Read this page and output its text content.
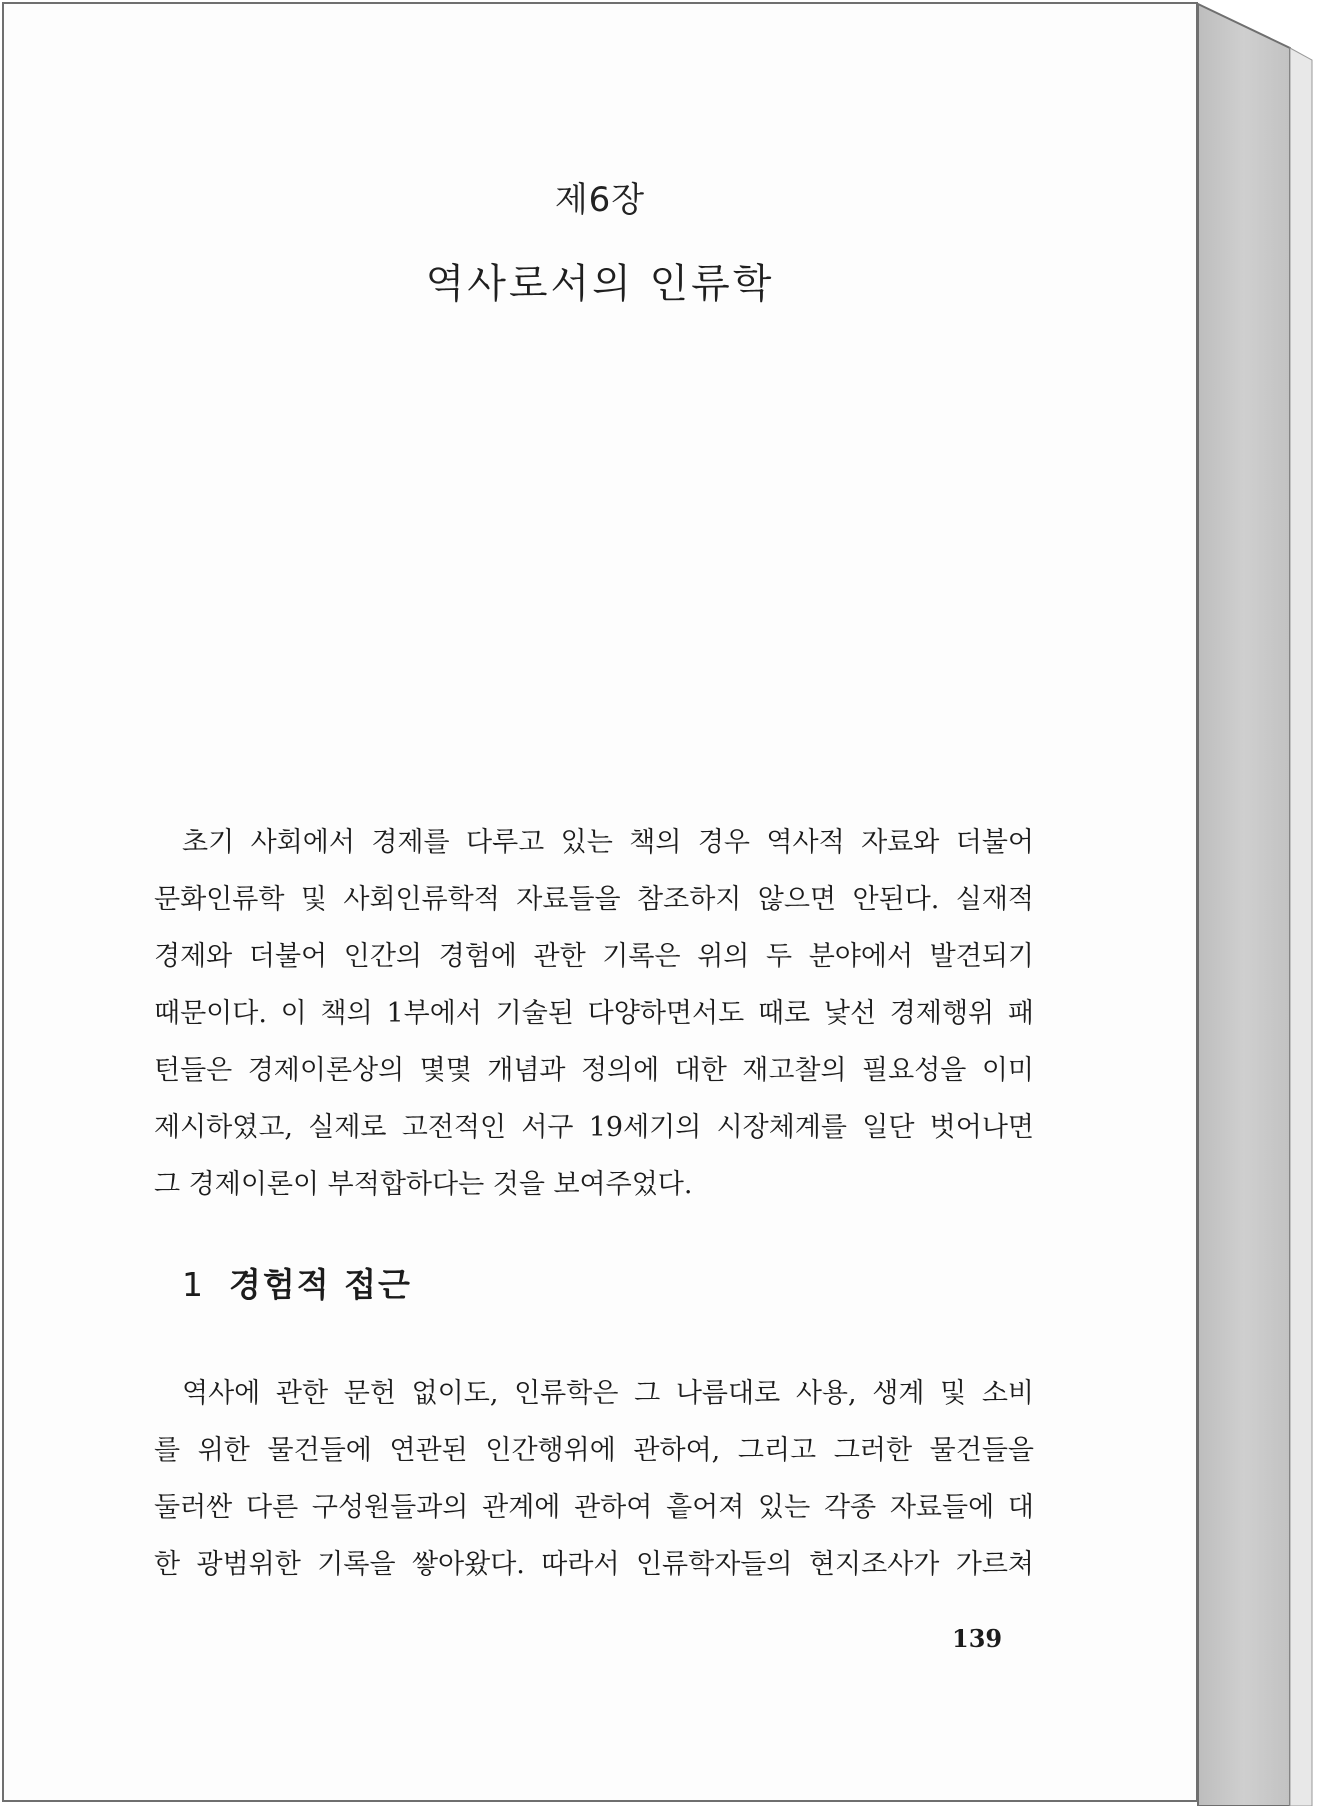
제6장
역사로서의 인류학
초기 사회에서 경제를 다루고 있는 책의 경우 역사적 자료와 더불어
문화인류학 및 사회인류학적 자료들을 참조하지 않으면 안된다. 실재적
경제와 더불어 인간의 경험에 관한 기록은 위의 두 분야에서 발견되기
때문이다. 이 책의 1부에서 기술된 다양하면서도 때로 낯선 경제행위 패
턴들은 경제이론상의 몇몇 개념과 정의에 대한 재고찰의 필요성을 이미
제시하였고, 실제로 고전적인 서구 19세기의 시장체계를 일단 벗어나면
그 경제이론이 부적합하다는 것을 보여주었다.
1 경험적 접근
역사에 관한 문헌 없이도, 인류학은 그 나름대로 사용, 생계 및 소비
를 위한 물건들에 연관된 인간행위에 관하여, 그리고 그러한 물건들을
둘러싼 다른 구성원들과의 관계에 관하여 흩어져 있는 각종 자료들에 대
한 광범위한 기록을 쌓아왔다. 따라서 인류학자들의 현지조사가 가르쳐
139
